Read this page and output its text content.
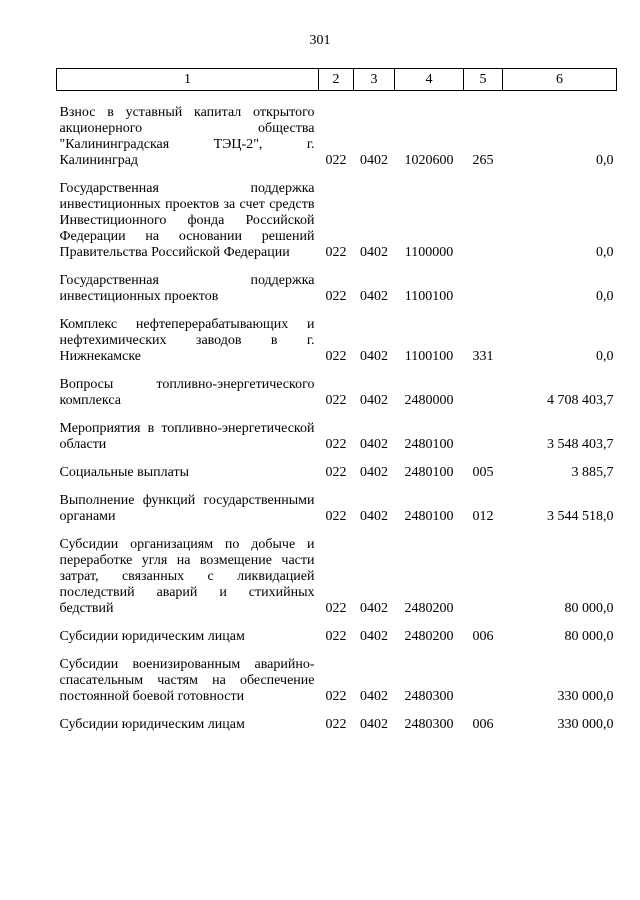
301
1	2	3	4	5	6
Взнос в уставный капитал открытого акционерного общества "Калининградская ТЭЦ-2", г. Калининград	022	0402	1020600	265	0,0
Государственная поддержка инвестиционных проектов за счет средств Инвестиционного фонда Российской Федерации на основании решений Правительства Российской Федерации	022	0402	1100000		0,0
Государственная поддержка инвестиционных проектов	022	0402	1100100		0,0
Комплекс нефтеперерабатывающих и нефтехимических заводов в г. Нижнекамске	022	0402	1100100	331	0,0
Вопросы топливно-энергетического комплекса	022	0402	2480000		4 708 403,7
Мероприятия в топливно-энергетической области	022	0402	2480100		3 548 403,7
Социальные выплаты	022	0402	2480100	005	3 885,7
Выполнение функций государственными органами	022	0402	2480100	012	3 544 518,0
Субсидии организациям по добыче и переработке угля на возмещение части затрат, связанных с ликвидацией последствий аварий и стихийных бедствий	022	0402	2480200		80 000,0
Субсидии юридическим лицам	022	0402	2480200	006	80 000,0
Субсидии военизированным аварийно-спасательным частям на обеспечение постоянной боевой готовности	022	0402	2480300		330 000,0
Субсидии юридическим лицам	022	0402	2480300	006	330 000,0
